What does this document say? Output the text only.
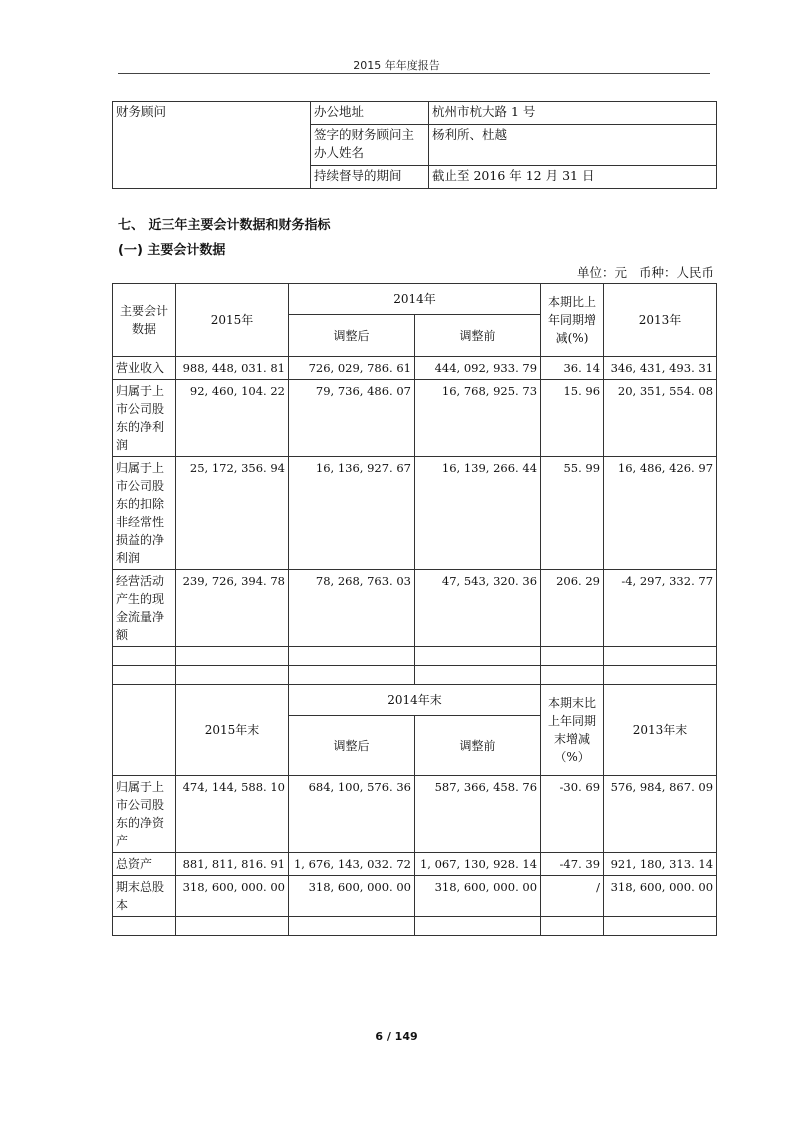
2015 年年度报告
财务顾问	办公地址	杭州市杭大路 1 号
	签字的财务顾问主办人姓名	杨利所、杜越
	持续督导的期间	截止至 2016 年 12 月 31 日
七、 近三年主要会计数据和财务指标
(一) 主要会计数据
单位：元 币种：人民币
主要会计数据	2015年	2014年		本期比上年同期增减(%)	2013年
		调整后	调整前		
营业收入	988, 448, 031. 81	726, 029, 786. 61	444, 092, 933. 79	36. 14	346, 431, 493. 31
归属于上市公司股东的净利润	92, 460, 104. 22	79, 736, 486. 07	16, 768, 925. 73	15. 96	20, 351, 554. 08
归属于上市公司股东的扣除非经常性损益的净利润	25, 172, 356. 94	16, 136, 927. 67	16, 139, 266. 44	55. 99	16, 486, 426. 97
经营活动产生的现金流量净额	239, 726, 394. 78	78, 268, 763. 03	47, 543, 320. 36	206. 29	-4, 297, 332. 77

	2015年末	2014年末		本期末比上年同期末增减（%）	2013年末
		调整后	调整前		
归属于上市公司股东的净资产	474, 144, 588. 10	684, 100, 576. 36	587, 366, 458. 76	-30. 69	576, 984, 867. 09
总资产	881, 811, 816. 91	1, 676, 143, 032. 72	1, 067, 130, 928. 14	-47. 39	921, 180, 313. 14
期末总股本	318, 600, 000. 00	318, 600, 000. 00	318, 600, 000. 00	/	318, 600, 000. 00

6 / 149
